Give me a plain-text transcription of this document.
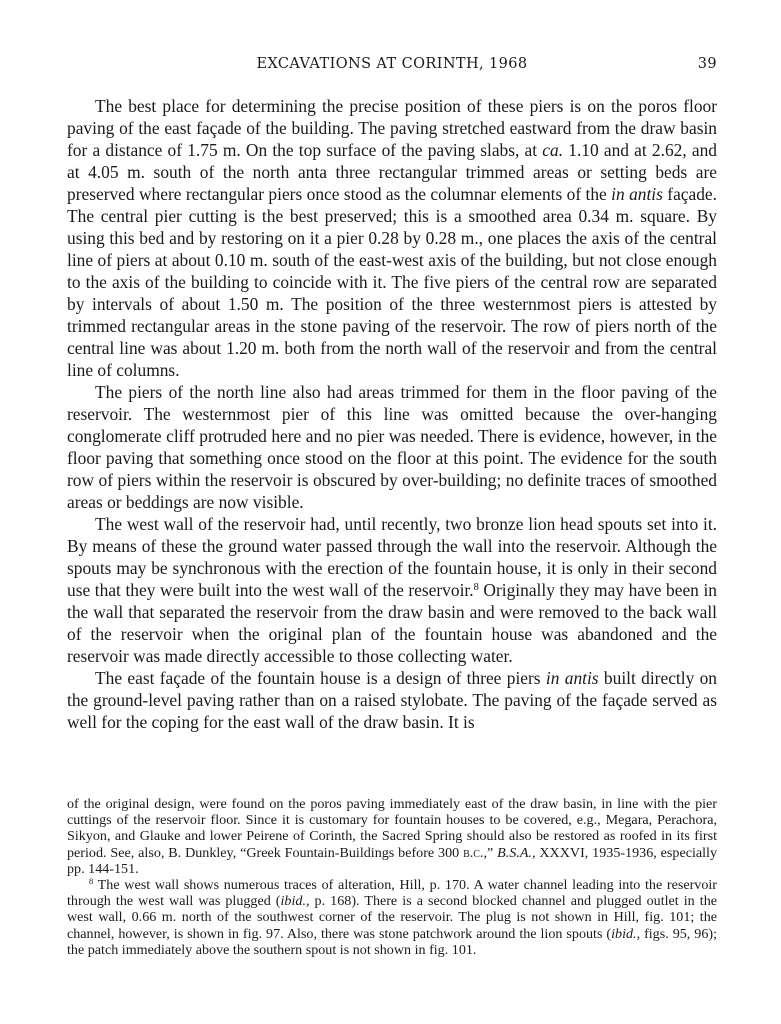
EXCAVATIONS AT CORINTH, 1968	39

The best place for determining the precise position of these piers is on the poros floor paving of the east façade of the building. The paving stretched eastward from the draw basin for a distance of 1.75 m. On the top surface of the paving slabs, at ca. 1.10 and at 2.62, and at 4.05 m. south of the north anta three rectangular trimmed areas or setting beds are preserved where rectangular piers once stood as the columnar elements of the in antis façade. The central pier cutting is the best preserved; this is a smoothed area 0.34 m. square. By using this bed and by restoring on it a pier 0.28 by 0.28 m., one places the axis of the central line of piers at about 0.10 m. south of the east-west axis of the building, but not close enough to the axis of the building to coincide with it. The five piers of the central row are separated by intervals of about 1.50 m. The position of the three westernmost piers is attested by trimmed rectangular areas in the stone paving of the reservoir. The row of piers north of the central line was about 1.20 m. both from the north wall of the reservoir and from the central line of columns.

The piers of the north line also had areas trimmed for them in the floor paving of the reservoir. The westernmost pier of this line was omitted because the over-hanging conglomerate cliff protruded here and no pier was needed. There is evidence, however, in the floor paving that something once stood on the floor at this point. The evidence for the south row of piers within the reservoir is obscured by over-building; no definite traces of smoothed areas or beddings are now visible.

The west wall of the reservoir had, until recently, two bronze lion head spouts set into it. By means of these the ground water passed through the wall into the reservoir. Although the spouts may be synchronous with the erection of the fountain house, it is only in their second use that they were built into the west wall of the reservoir.$^8$ Originally they may have been in the wall that separated the reservoir from the draw basin and were removed to the back wall of the reservoir when the original plan of the fountain house was abandoned and the reservoir was made directly accessible to those collecting water.

The east façade of the fountain house is a design of three piers in antis built directly on the ground-level paving rather than on a raised stylobate. The paving of the façade served as well for the coping for the east wall of the draw basin. It is

of the original design, were found on the poros paving immediately east of the draw basin, in line with the pier cuttings of the reservoir floor. Since it is customary for fountain houses to be covered, e.g., Megara, Perachora, Sikyon, and Glauke and lower Peirene of Corinth, the Sacred Spring should also be restored as roofed in its first period. See, also, B. Dunkley, “Greek Fountain-Buildings before 300 b.c.,” B.S.A., XXXVI, 1935-1936, especially pp. 144-151.

$^8$ The west wall shows numerous traces of alteration, Hill, p. 170. A water channel leading into the reservoir through the west wall was plugged (ibid., p. 168). There is a second blocked channel and plugged outlet in the west wall, 0.66 m. north of the southwest corner of the reservoir. The plug is not shown in Hill, fig. 101; the channel, however, is shown in fig. 97. Also, there was stone patchwork around the lion spouts (ibid., figs. 95, 96); the patch immediately above the southern spout is not shown in fig. 101.
